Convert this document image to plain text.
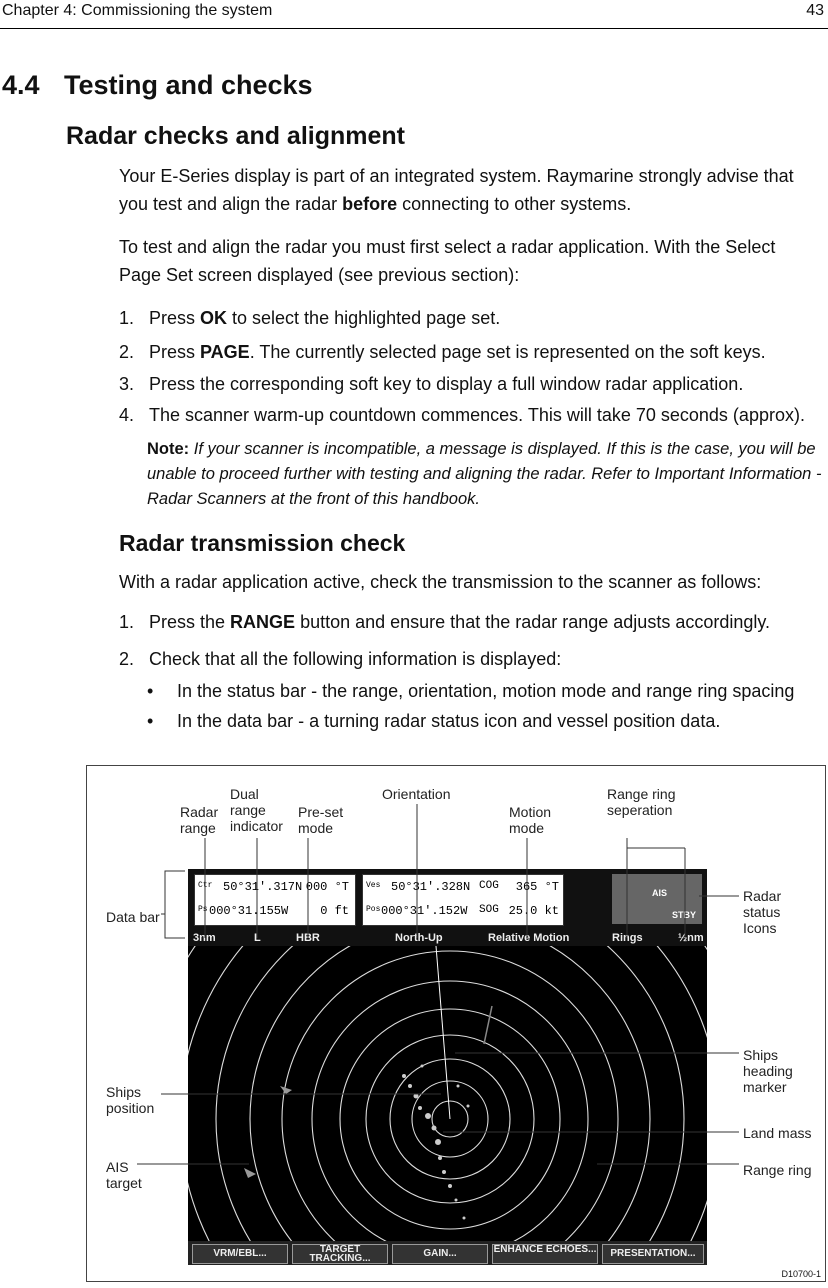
Chapter 4: Commissioning the system	43
4.4 Testing and checks
Radar checks and alignment
Your E-Series display is part of an integrated system. Raymarine strongly advise that you test and align the radar before connecting to other systems.
To test and align the radar you must first select a radar application. With the Select Page Set screen displayed (see previous section):
1. Press OK to select the highlighted page set.
2. Press PAGE. The currently selected page set is represented on the soft keys.
3. Press the corresponding soft key to display a full window radar application.
4. The scanner warm-up countdown commences. This will take 70 seconds (approx).
Note: If your scanner is incompatible, a message is displayed. If this is the case, you will be unable to proceed further with testing and aligning the radar. Refer to Important Information - Radar Scanners at the front of this handbook.
Radar transmission check
With a radar application active, check the transmission to the scanner as follows:
1. Press the RANGE button and ensure that the radar range adjusts accordingly.
2. Check that all the following information is displayed:
• In the status bar - the range, orientation, motion mode and range ring spacing
• In the data bar - a turning radar status icon and vessel position data.
Radar range
Dual range indicator
Pre-set mode
Orientation
Motion mode
Range ring seperation
Data bar
Radar status Icons
Ships heading marker
Ships position
Land mass
AIS target
Range ring
Ctr 50°31'.317N 000 °T
Ps 000°31.155W	0 ft
Ves 50°31'.328N COG 365 °T
Pos 000°31'.152W SOG 25.0 kt
AIS
STBY
3nm	L	HBR	North-Up	Relative Motion	Rings	½nm
VRM/EBL...	TARGET TRACKING...	GAIN...	ENHANCE ECHOES...	PRESENTATION...
D10700-1
